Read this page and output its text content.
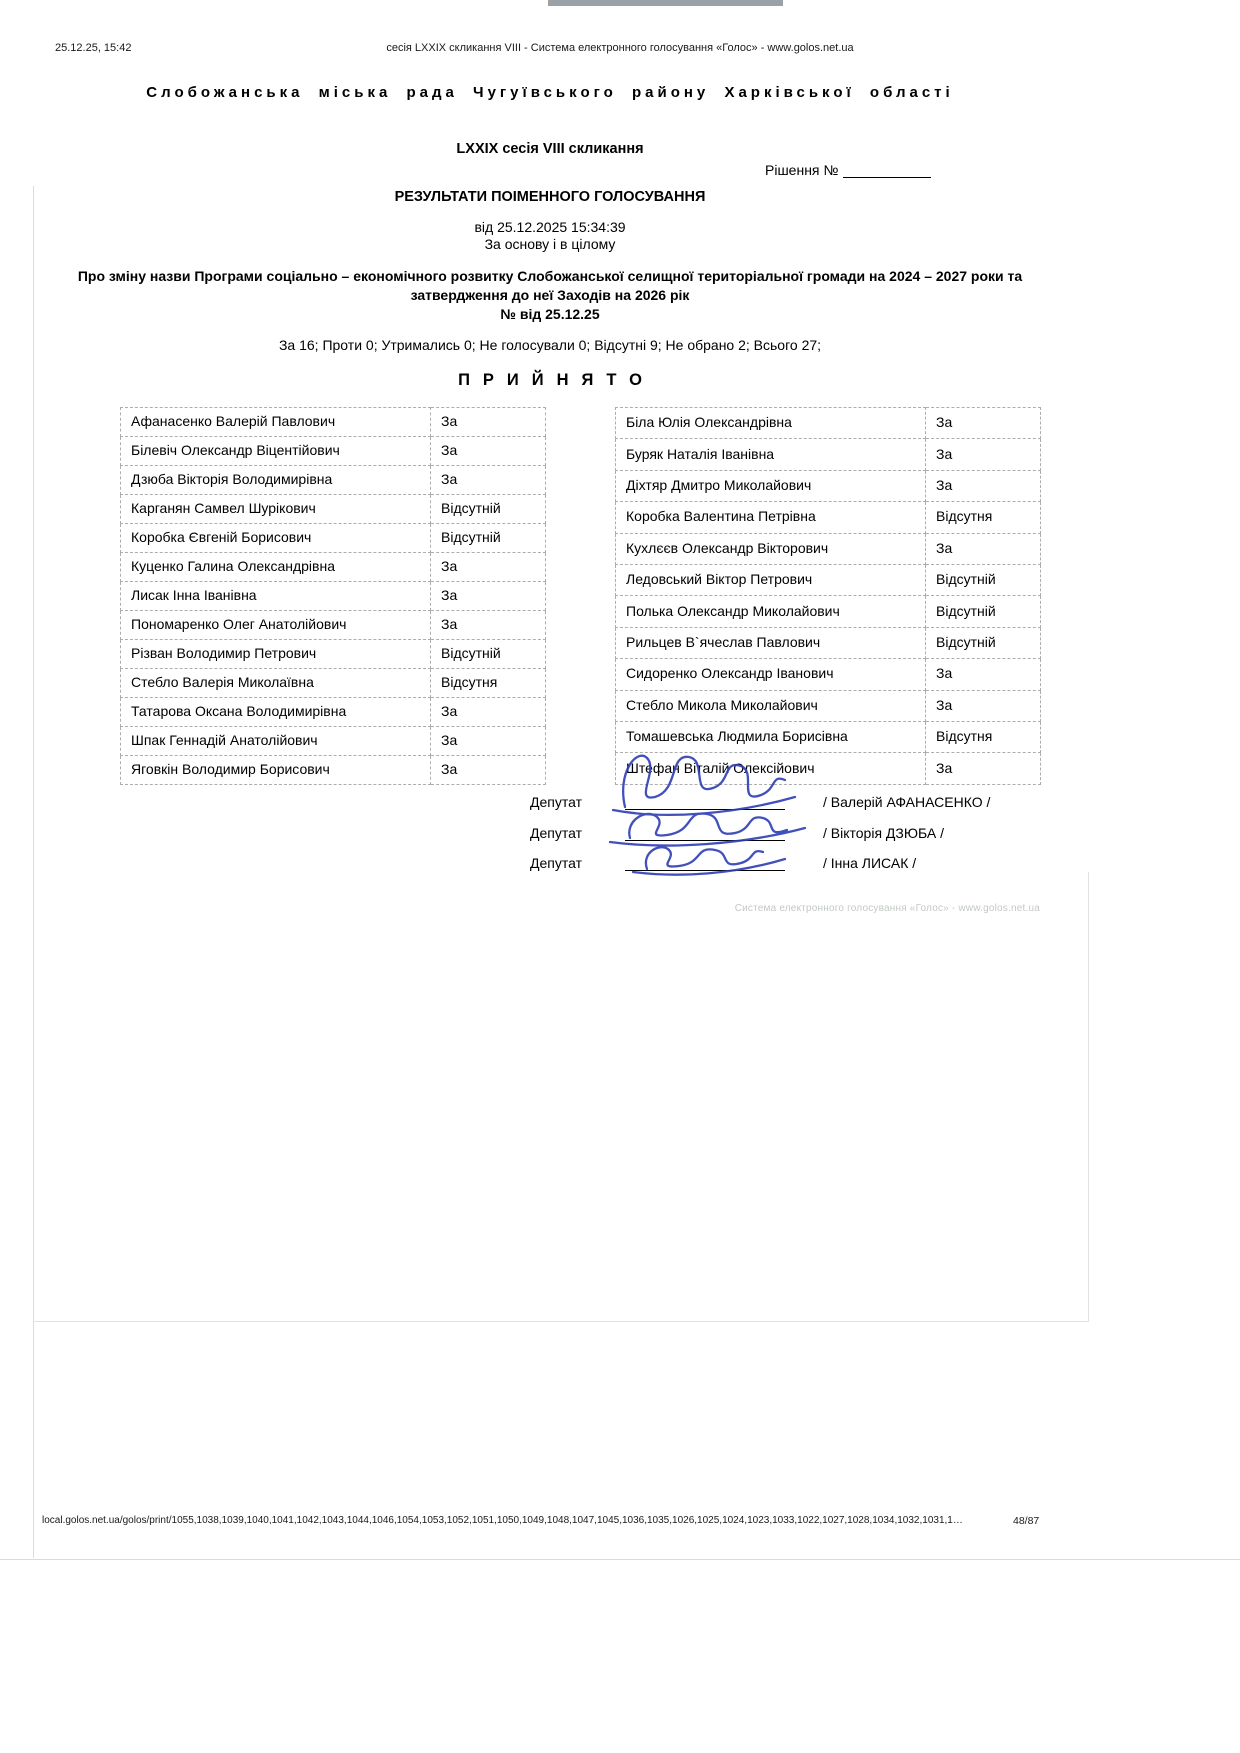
25.12.25, 15:42	сесія LXXIX скликання VIII - Система електронного голосування «Голос» - www.golos.net.ua
Слобожанська міська рада Чугуївського району Харківської області
LXXIX сесія VIII скликання
Рішення №
РЕЗУЛЬТАТИ ПОІМЕННОГО ГОЛОСУВАННЯ
від 25.12.2025 15:34:39
За основу і в цілому
Про зміну назви Програми соціально – економічного розвитку Слобожанської селищної територіальної громади на 2024 – 2027 роки та затвердження до неї Заходів на 2026 рік
№ від 25.12.25
За 16; Проти 0; Утримались 0; Не голосували 0; Відсутні 9; Не обрано 2; Всього 27;
ПРИЙНЯТО
Афанасенко Валерій Павлович	За
Білевіч Олександр Віцентійович	За
Дзюба Вікторія Володимирівна	За
Карганян Самвел Шурікович	Відсутній
Коробка Євгеній Борисович	Відсутній
Куценко Галина Олександрівна	За
Лисак Інна Іванівна	За
Пономаренко Олег Анатолійович	За
Різван Володимир Петрович	Відсутній
Стебло Валерія Миколаївна	Відсутня
Татарова Оксана Володимирівна	За
Шпак Геннадій Анатолійович	За
Яговкін Володимир Борисович	За
Біла Юлія Олександрівна	За
Буряк Наталія Іванівна	За
Діхтяр Дмитро Миколайович	За
Коробка Валентина Петрівна	Відсутня
Кухлєєв Олександр Вікторович	За
Ледовський Віктор Петрович	Відсутній
Полька Олександр Миколайович	Відсутній
Рильцев В`ячеслав Павлович	Відсутній
Сидоренко Олександр Іванович	За
Стебло Микола Миколайович	За
Томашевська Людмила Борисівна	Відсутня
Штефан Віталій Олексійович	За
Депутат	/ Валерій АФАНАСЕНКО /
Депутат	/ Вікторія ДЗЮБА /
Депутат	/ Інна ЛИСАК /
Система електронного голосування «Голос» - www.golos.net.ua
local.golos.net.ua/golos/print/1055,1038,1039,1040,1041,1042,1043,1044,1046,1054,1053,1052,1051,1050,1049,1048,1047,1045,1036,1035,1026,1025,1024,1023,1033,1022,1027,1028,1034,1032,1031,1…	48/87
